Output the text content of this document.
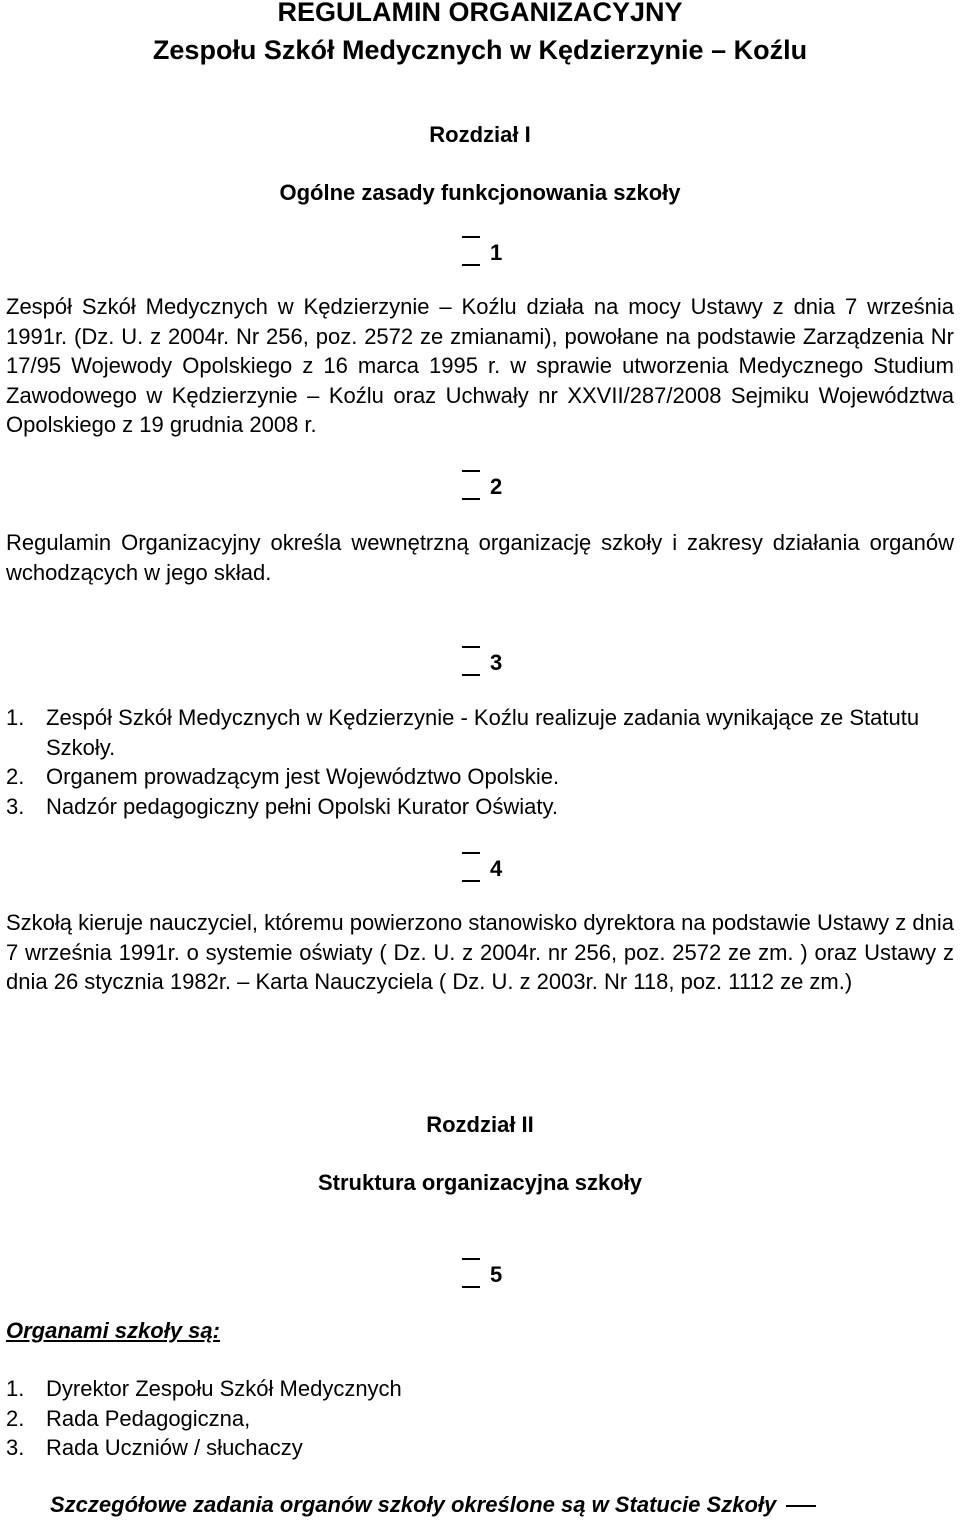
REGULAMIN ORGANIZACYJNY
Zespołu Szkół Medycznych w Kędzierzynie – Koźlu
Rozdział I
Ogólne zasady funkcjonowania szkoły
1
Zespół Szkół Medycznych w Kędzierzynie – Koźlu działa na mocy Ustawy z dnia 7 września 1991r. (Dz. U. z 2004r. Nr 256, poz. 2572 ze zmianami), powołane na podstawie Zarządzenia Nr 17/95 Wojewody Opolskiego z 16 marca 1995 r. w sprawie utworzenia Medycznego Studium Zawodowego w Kędzierzynie – Koźlu oraz Uchwały nr XXVII/287/2008 Sejmiku Województwa Opolskiego z 19 grudnia 2008 r.
2
Regulamin Organizacyjny określa wewnętrzną organizację szkoły i zakresy działania organów wchodzących w jego skład.
3
1. Zespół Szkół Medycznych w Kędzierzynie - Koźlu realizuje zadania wynikające ze Statutu Szkoły.
2. Organem prowadzącym jest Województwo Opolskie.
3. Nadzór pedagogiczny pełni Opolski Kurator Oświaty.
4
Szkołą kieruje nauczyciel, któremu powierzono stanowisko dyrektora na podstawie Ustawy z dnia 7 września 1991r. o systemie oświaty ( Dz. U. z 2004r. nr 256, poz. 2572 ze zm. ) oraz Ustawy z dnia 26 stycznia 1982r. – Karta Nauczyciela ( Dz. U. z 2003r. Nr 118, poz. 1112 ze zm.)
Rozdział II
Struktura organizacyjna szkoły
5
Organami szkoły są:
1. Dyrektor Zespołu Szkół Medycznych
2. Rada Pedagogiczna,
3. Rada Uczniów / słuchaczy
Szczegółowe zadania organów szkoły określone są w Statucie Szkoły
